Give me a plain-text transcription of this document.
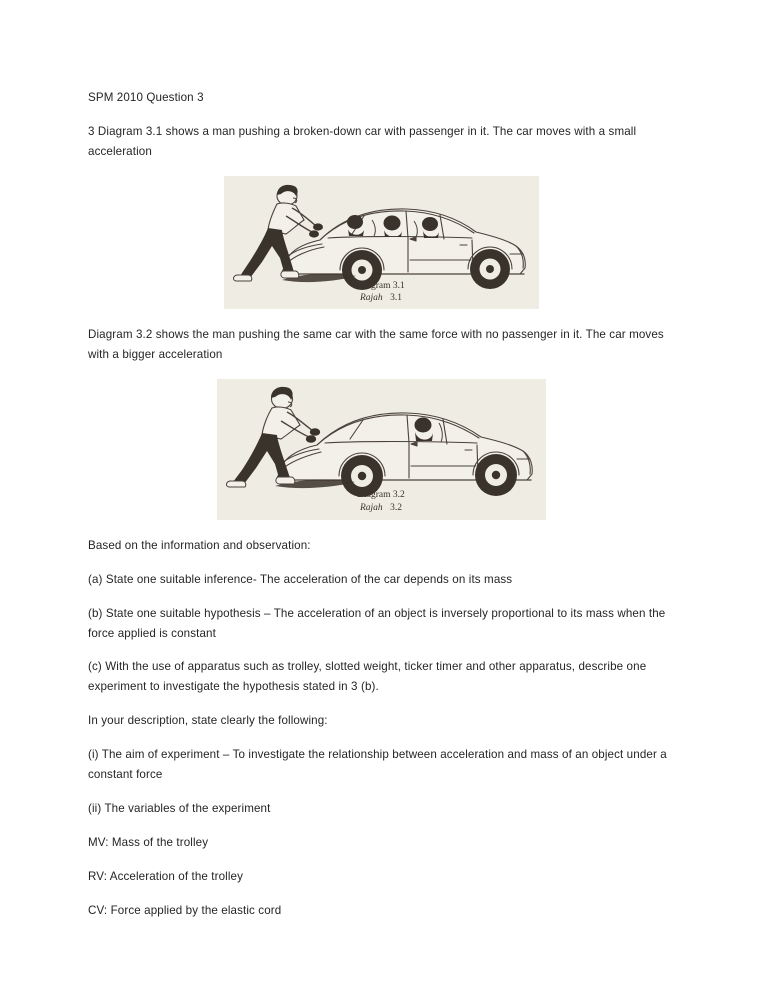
SPM 2010 Question 3

3 Diagram 3.1 shows a man pushing a broken-down car with passenger in it. The car moves with a small acceleration

Diagram 3.1
Rajah 3.1

Diagram 3.2 shows the man pushing the same car with the same force with no passenger in it. The car moves with a bigger acceleration

Diagram 3.2
Rajah 3.2

Based on the information and observation:

(a) State one suitable inference- The acceleration of the car depends on its mass

(b) State one suitable hypothesis – The acceleration of an object is inversely proportional to its mass when the force applied is constant

(c) With the use of apparatus such as trolley, slotted weight, ticker timer and other apparatus, describe one experiment to investigate the hypothesis stated in 3 (b).

In your description, state clearly the following:

(i) The aim of experiment – To investigate the relationship between acceleration and mass of an object under a constant force

(ii) The variables of the experiment

MV: Mass of the trolley

RV: Acceleration of the trolley

CV: Force applied by the elastic cord
